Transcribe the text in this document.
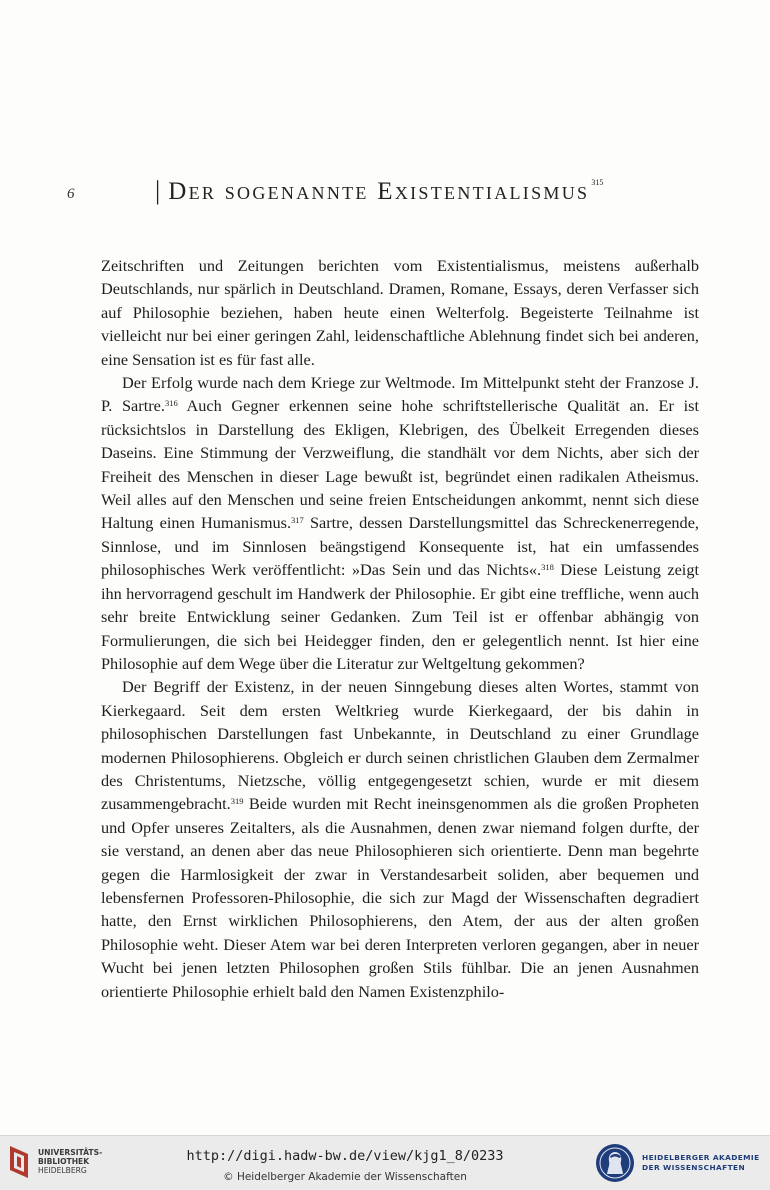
6	| Der sogenannte Existentialismus $^{315}$

Zeitschriften und Zeitungen berichten vom Existentialismus, meistens außerhalb Deutschlands, nur spärlich in Deutschland. Dramen, Romane, Essays, deren Verfasser sich auf Philosophie beziehen, haben heute einen Welterfolg. Begeisterte Teilnahme ist vielleicht nur bei einer geringen Zahl, leidenschaftliche Ablehnung findet sich bei anderen, eine Sensation ist es für fast alle.

Der Erfolg wurde nach dem Kriege zur Weltmode. Im Mittelpunkt steht der Franzose J. P. Sartre.$^{316}$ Auch Gegner erkennen seine hohe schriftstellerische Qualität an. Er ist rücksichtslos in Darstellung des Ekligen, Klebrigen, des Übelkeit Erregenden dieses Daseins. Eine Stimmung der Verzweiflung, die standhält vor dem Nichts, aber sich der Freiheit des Menschen in dieser Lage bewußt ist, begründet einen radikalen Atheismus. Weil alles auf den Menschen und seine freien Entscheidungen ankommt, nennt sich diese Haltung einen Humanismus.$^{317}$ Sartre, dessen Darstellungsmittel das Schreckenerregende, Sinnlose, und im Sinnlosen beängstigend Konsequente ist, hat ein umfassendes philosophisches Werk veröffentlicht: »Das Sein und das Nichts«.$^{318}$ Diese Leistung zeigt ihn hervorragend geschult im Handwerk der Philosophie. Er gibt eine treffliche, wenn auch sehr breite Entwicklung seiner Gedanken. Zum Teil ist er offenbar abhängig von Formulierungen, die sich bei Heidegger finden, den er gelegentlich nennt. Ist hier eine Philosophie auf dem Wege über die Literatur zur Weltgeltung gekommen?

Der Begriff der Existenz, in der neuen Sinngebung dieses alten Wortes, stammt von Kierkegaard. Seit dem ersten Weltkrieg wurde Kierkegaard, der bis dahin in philosophischen Darstellungen fast Unbekannte, in Deutschland zu einer Grundlage modernen Philosophierens. Obgleich er durch seinen christlichen Glauben dem Zermalmer des Christentums, Nietzsche, völlig entgegengesetzt schien, wurde er mit diesem zusammengebracht.$^{319}$ Beide wurden mit Recht ineinsgenommen als die großen Propheten und Opfer unseres Zeitalters, als die Ausnahmen, denen zwar niemand folgen durfte, der sie verstand, an denen aber das neue Philosophieren sich orientierte. Denn man begehrte gegen die Harmlosigkeit der zwar in Verstandesarbeit soliden, aber bequemen und lebensfernen Professoren-Philosophie, die sich zur Magd der Wissenschaften degradiert hatte, den Ernst wirklichen Philosophierens, den Atem, der aus der alten großen Philosophie weht. Dieser Atem war bei deren Interpreten verloren gegangen, aber in neuer Wucht bei jenen letzten Philosophen großen Stils fühlbar. Die an jenen Ausnahmen orientierte Philosophie erhielt bald den Namen Existenzphilo-

UNIVERSITÄTS-
BIBLIOTHEK
HEIDELBERG
http://digi.hadw-bw.de/view/kjg1_8/0233
© Heidelberger Akademie der Wissenschaften
HEIDELBERGER AKADEMIE
DER WISSENSCHAFTEN
